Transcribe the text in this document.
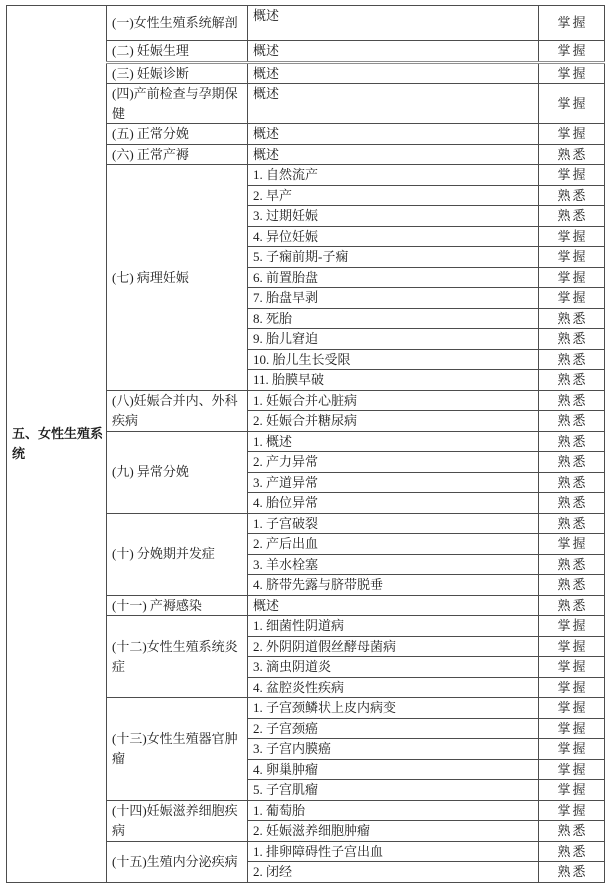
五、女性生殖系统	(一)女性生殖系统解剖	概述	掌握
	(二) 妊娠生理	概述	掌握
	(三) 妊娠诊断	概述	掌握
	(四)产前检查与孕期保健	概述	掌握
	(五) 正常分娩	概述	掌握
	(六) 正常产褥	概述	熟悉
	(七) 病理妊娠	1. 自然流产	掌握
		2. 早产	熟悉
		3. 过期妊娠	熟悉
		4. 异位妊娠	掌握
		5. 子痫前期-子痫	掌握
		6. 前置胎盘	掌握
		7. 胎盘早剥	掌握
		8. 死胎	熟悉
		9. 胎儿窘迫	熟悉
		10. 胎儿生长受限	熟悉
		11. 胎膜早破	熟悉
	(八)妊娠合并内、外科疾病	1. 妊娠合并心脏病	熟悉
		2. 妊娠合并糖尿病	熟悉
	(九) 异常分娩	1. 概述	熟悉
		2. 产力异常	熟悉
		3. 产道异常	熟悉
		4. 胎位异常	熟悉
	(十) 分娩期并发症	1. 子宫破裂	熟悉
		2. 产后出血	掌握
		3. 羊水栓塞	熟悉
		4. 脐带先露与脐带脱垂	熟悉
	(十一) 产褥感染	概述	熟悉
	(十二)女性生殖系统炎症	1. 细菌性阴道病	掌握
		2. 外阴阴道假丝酵母菌病	掌握
		3. 滴虫阴道炎	掌握
		4. 盆腔炎性疾病	掌握
	(十三)女性生殖器官肿瘤	1. 子宫颈鳞状上皮内病变	掌握
		2. 子宫颈癌	掌握
		3. 子宫内膜癌	掌握
		4. 卵巢肿瘤	掌握
		5. 子宫肌瘤	掌握
	(十四)妊娠滋养细胞疾病	1. 葡萄胎	掌握
		2. 妊娠滋养细胞肿瘤	熟悉
	(十五)生殖内分泌疾病	1. 排卵障碍性子宫出血	熟悉
		2. 闭经	熟悉
